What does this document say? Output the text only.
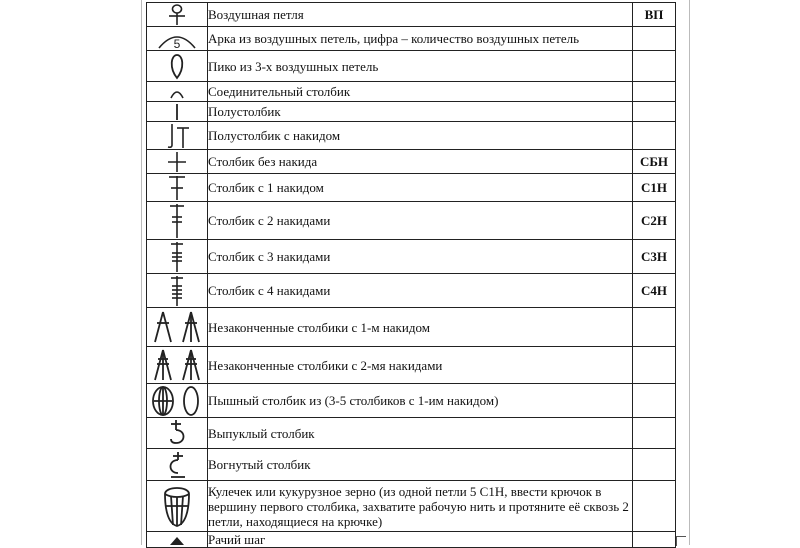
	Воздушная петля	ВП

5	Арка из воздушных петель, цифра – количество воздушных петель	

	Пико из 3-х воздушных петель	

	Соединительный столбик	

	Полустолбик	

	Полустолбик с накидом	

	Столбик без накида	СБН

	Столбик с 1 накидом	С1Н

	Столбик с 2 накидами	С2Н

	Столбик с 3 накидами	С3Н

	Столбик с 4 накидами	С4Н

	Незаконченные столбики с 1-м накидом	

	Незаконченные столбики с 2-мя накидами	

	Пышный столбик из (3-5 столбиков с 1-им накидом)	

	Выпуклый столбик	

	Вогнутый столбик	

	Кулечек или кукурузное зерно (из одной петли 5 С1Н, ввести крючок в вершину первого столбика, захватите рабочую нить и протяните её сквозь 2 петли, находящиеся на крючке)	

	Рачий шаг	
